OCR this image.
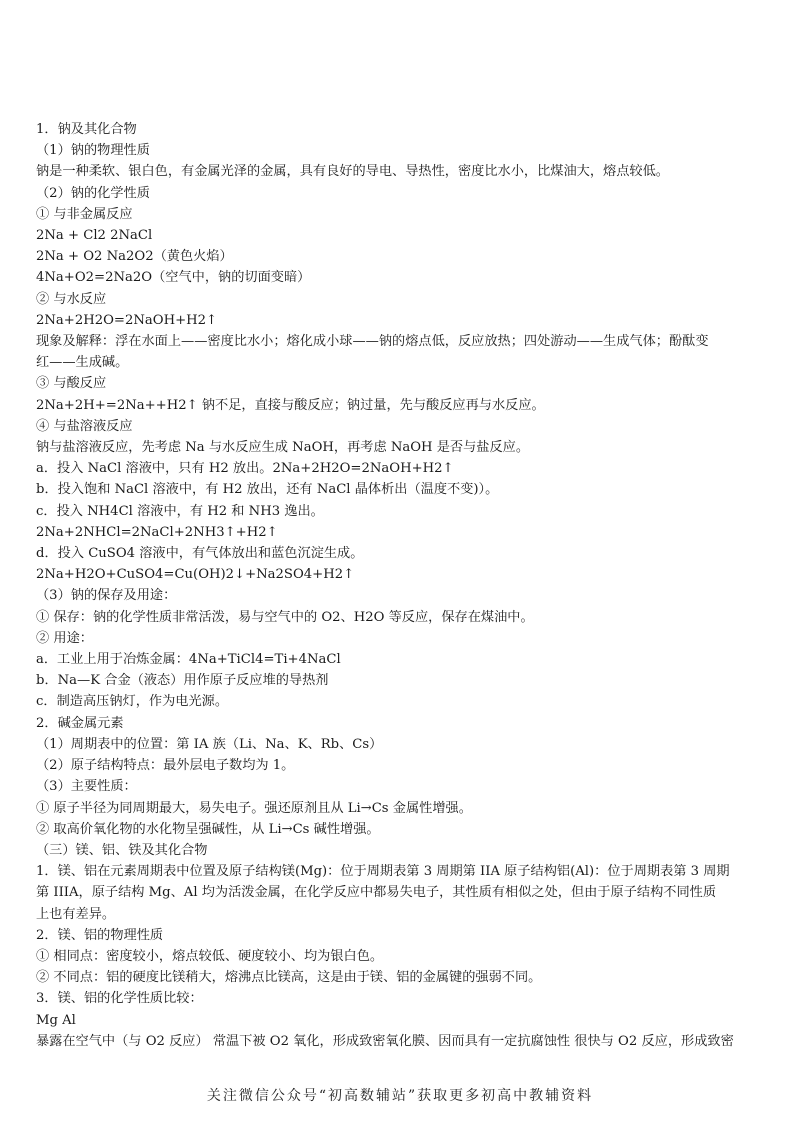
1．钠及其化合物

（1）钠的物理性质

钠是一种柔软、银白色，有金属光泽的金属，具有良好的导电、导热性，密度比水小，比煤油大，熔点较低。

（2）钠的化学性质

① 与非金属反应

2Na + Cl2 2NaCl

2Na + O2 Na2O2（黄色火焰）

4Na+O2=2Na2O（空气中，钠的切面变暗）

② 与水反应

2Na+2H2O=2NaOH+H2↑

现象及解释：浮在水面上——密度比水小；熔化成小球——钠的熔点低，反应放热；四处游动——生成气体；酚酞变

红——生成碱。

③ 与酸反应

2Na+2H+=2Na++H2↑ 钠不足，直接与酸反应；钠过量，先与酸反应再与水反应。

④ 与盐溶液反应

钠与盐溶液反应，先考虑 Na 与水反应生成 NaOH，再考虑 NaOH 是否与盐反应。

a．投入 NaCl 溶液中，只有 H2 放出。2Na+2H2O=2NaOH+H2↑

b．投入饱和 NaCl 溶液中，有 H2 放出，还有 NaCl 晶体析出（温度不变)）。

c．投入 NH4Cl 溶液中，有 H2 和 NH3 逸出。

2Na+2NHCl=2NaCl+2NH3↑+H2↑

d．投入 CuSO4 溶液中，有气体放出和蓝色沉淀生成。

2Na+H2O+CuSO4=Cu(OH)2↓+Na2SO4+H2↑

（3）钠的保存及用途：

① 保存：钠的化学性质非常活泼，易与空气中的 O2、H2O 等反应，保存在煤油中。

② 用途：

a．工业上用于冶炼金属：4Na+TiCl4=Ti+4NaCl

b．Na—K 合金（液态）用作原子反应堆的导热剂

c．制造高压钠灯，作为电光源。

2．碱金属元素

（1）周期表中的位置：第 IA 族（Li、Na、K、Rb、Cs）

（2）原子结构特点：最外层电子数均为 1。

（3）主要性质：

① 原子半径为同周期最大，易失电子。强还原剂且从 Li→Cs 金属性增强。

② 取高价氧化物的水化物呈强碱性，从 Li→Cs 碱性增强。

（三）镁、铝、铁及其化合物

1．镁、铝在元素周期表中位置及原子结构镁(Mg)：位于周期表第 3 周期第 IIA 原子结构铝(Al)：位于周期表第 3 周期

第 IIIA，原子结构 Mg、Al 均为活泼金属，在化学反应中都易失电子，其性质有相似之处，但由于原子结构不同性质

上也有差异。

2．镁、铝的物理性质

① 相同点：密度较小，熔点较低、硬度较小、均为银白色。

② 不同点：铝的硬度比镁稍大，熔沸点比镁高，这是由于镁、铝的金属键的强弱不同。

3．镁、铝的化学性质比较：

Mg Al

暴露在空气中（与 O2 反应） 常温下被 O2 氧化，形成致密氧化膜、因而具有一定抗腐蚀性 很快与 O2 反应，形成致密

关注微信公众号“初高数辅站”获取更多初高中教辅资料
